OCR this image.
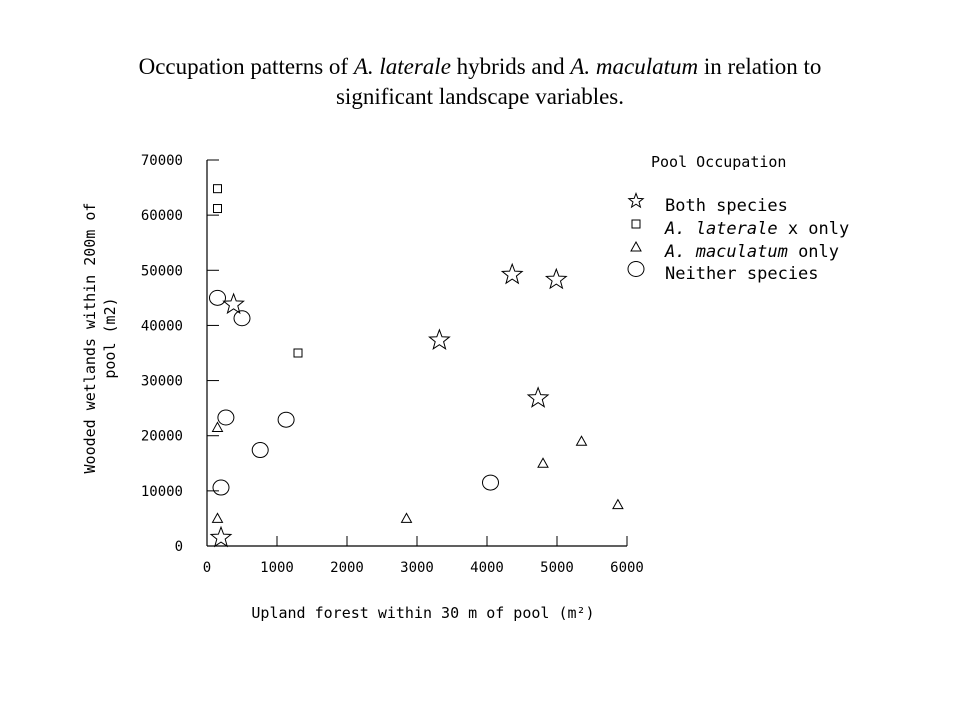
Occupation patterns of A. laterale hybrids and A. maculatum in relation to
significant landscape variables.
0
10000
20000
30000
40000
50000
60000
70000
0	1000	2000	3000	4000	5000	6000
Pool Occupation
Both species
A. laterale x only
A. maculatum only
Neither species
Upland forest within 30 m of pool (m²)
Wooded wetlands within 200m of pool (m2)
